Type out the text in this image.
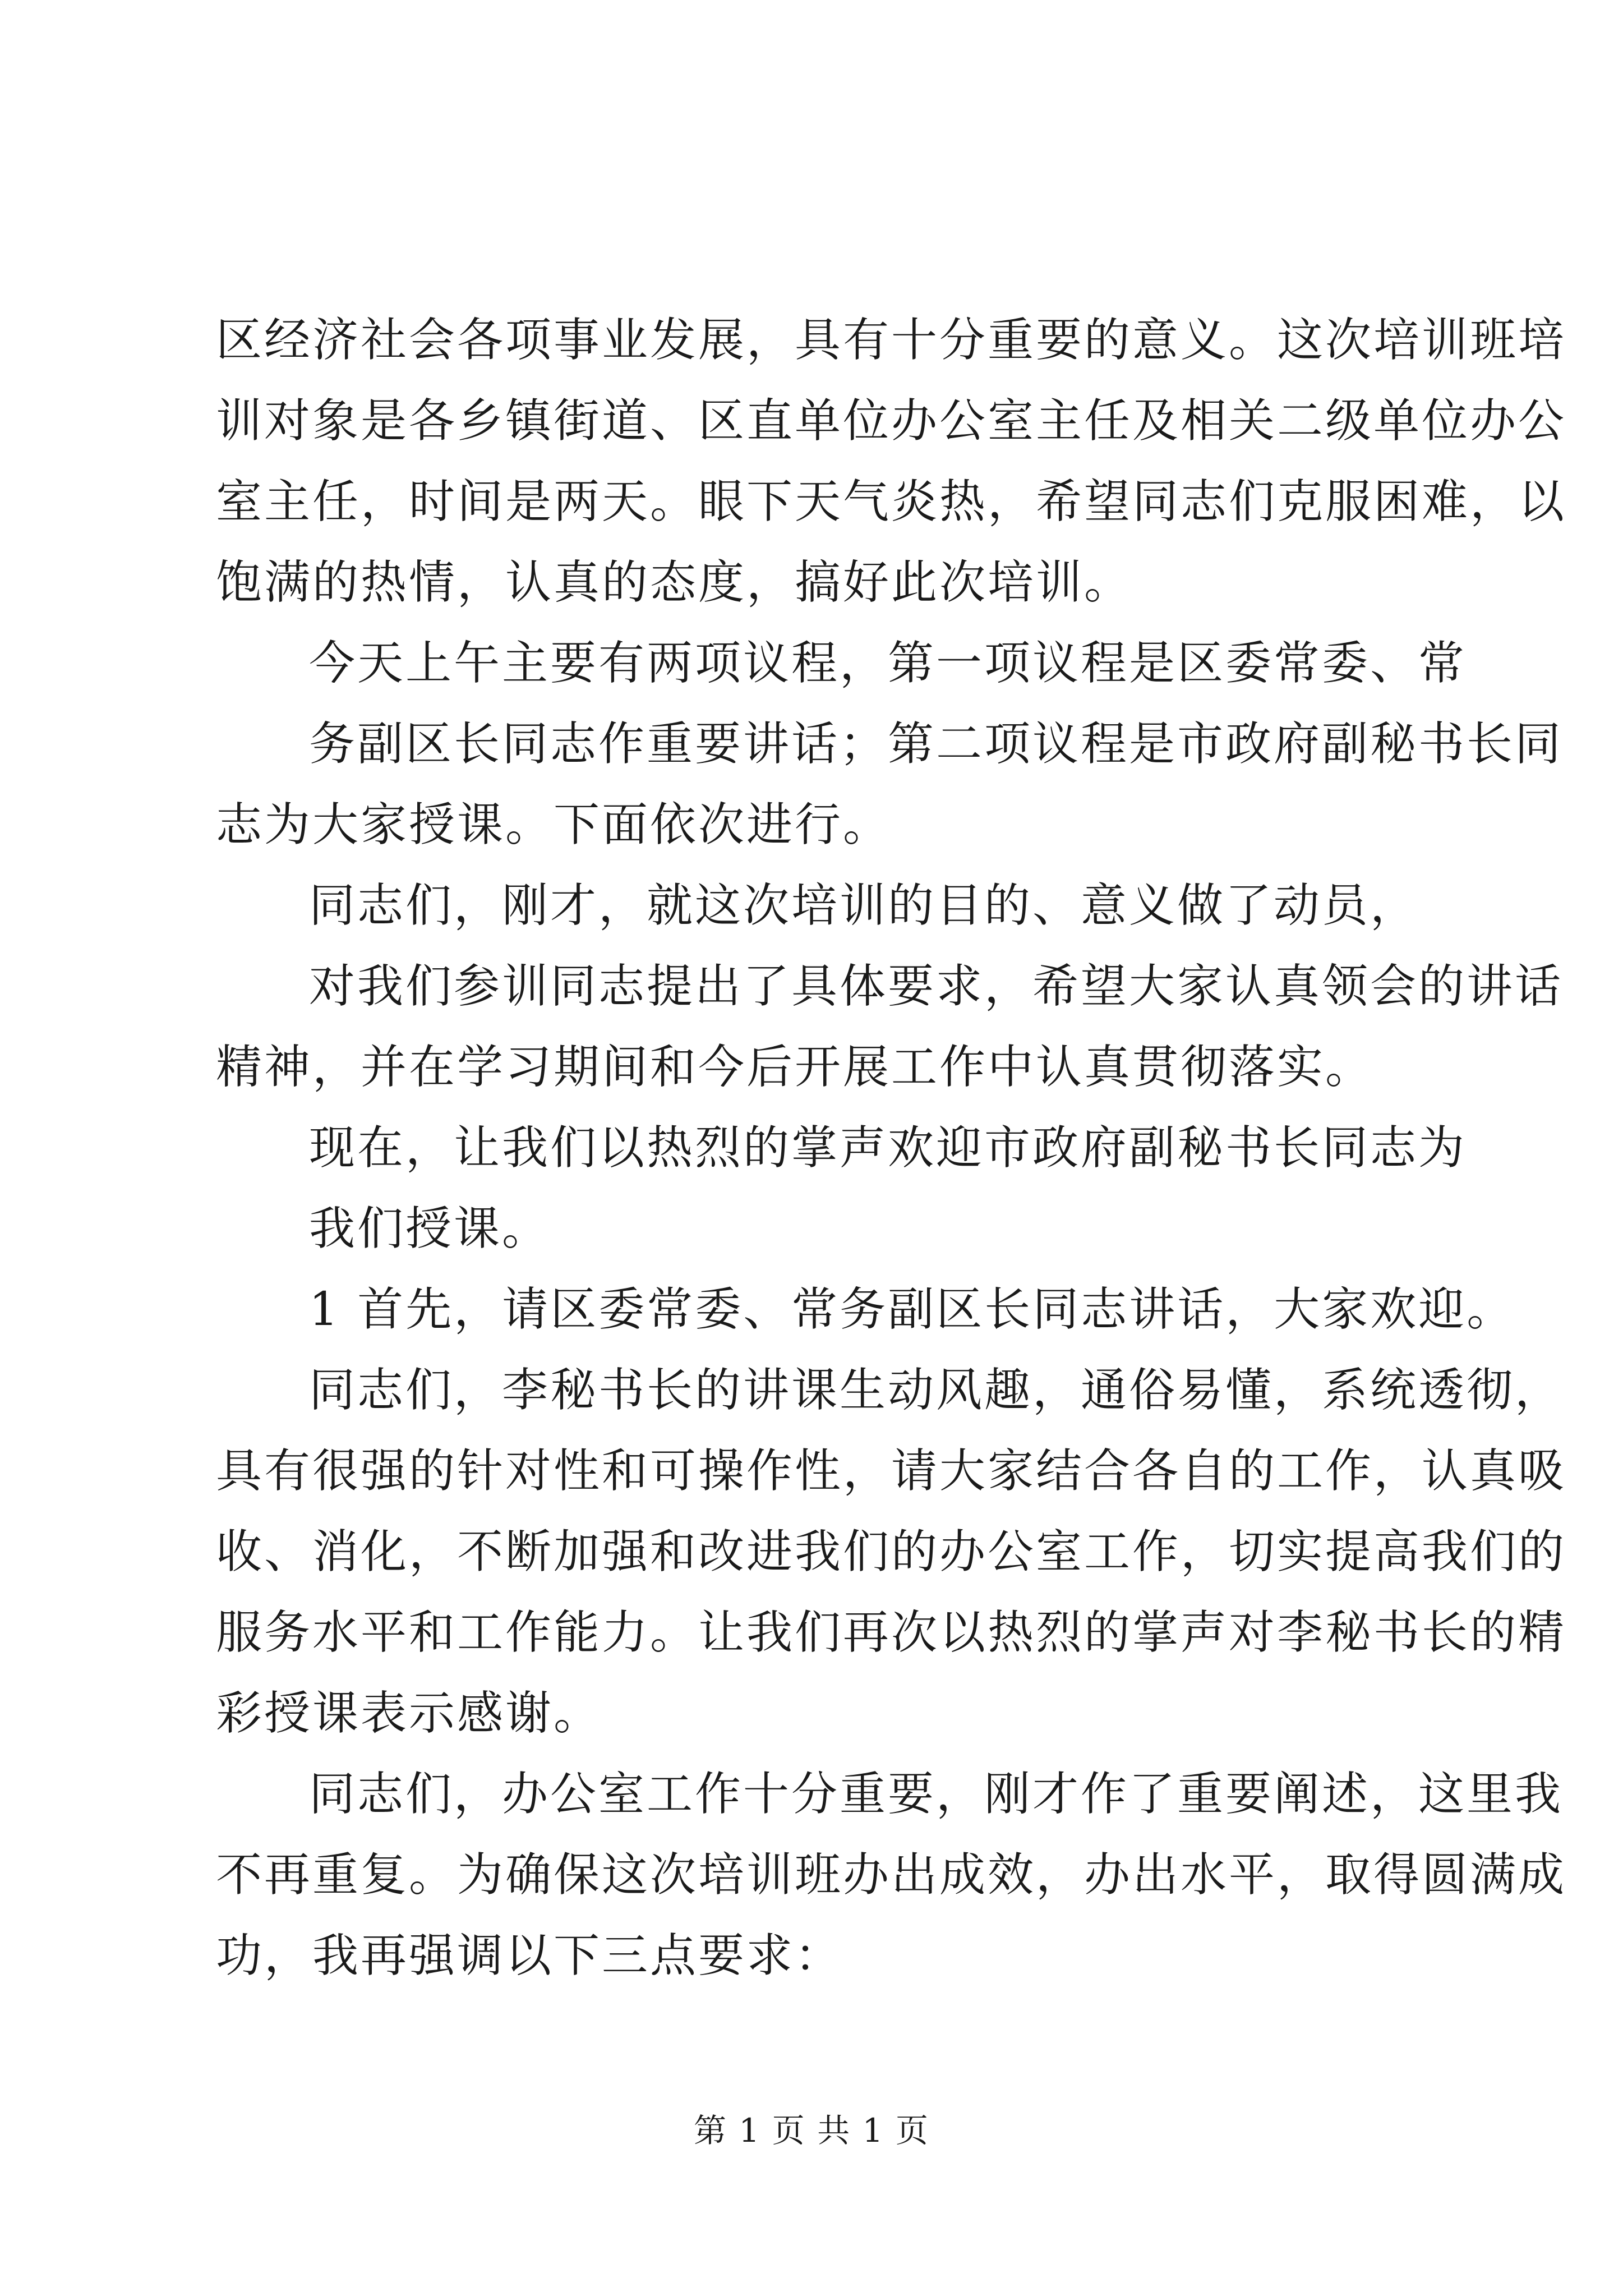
区经济社会各项事业发展，具有十分重要的意义。这次培训班培
训对象是各乡镇街道、区直单位办公室主任及相关二级单位办公
室主任，时间是两天。眼下天气炎热，希望同志们克服困难，以
饱满的热情，认真的态度，搞好此次培训。
今天上午主要有两项议程，第一项议程是区委常委、常
务副区长同志作重要讲话；第二项议程是市政府副秘书长同
志为大家授课。下面依次进行。
同志们，刚才，就这次培训的目的、意义做了动员，
对我们参训同志提出了具体要求，希望大家认真领会的讲话
精神，并在学习期间和今后开展工作中认真贯彻落实。
现在，让我们以热烈的掌声欢迎市政府副秘书长同志为
我们授课。
1 首先，请区委常委、常务副区长同志讲话，大家欢迎。
同志们，李秘书长的讲课生动风趣，通俗易懂，系统透彻，
具有很强的针对性和可操作性，请大家结合各自的工作，认真吸
收、消化，不断加强和改进我们的办公室工作，切实提高我们的
服务水平和工作能力。让我们再次以热烈的掌声对李秘书长的精
彩授课表示感谢。
同志们，办公室工作十分重要，刚才作了重要阐述，这里我
不再重复。为确保这次培训班办出成效，办出水平，取得圆满成
功，我再强调以下三点要求：
第 1 页 共 1 页
